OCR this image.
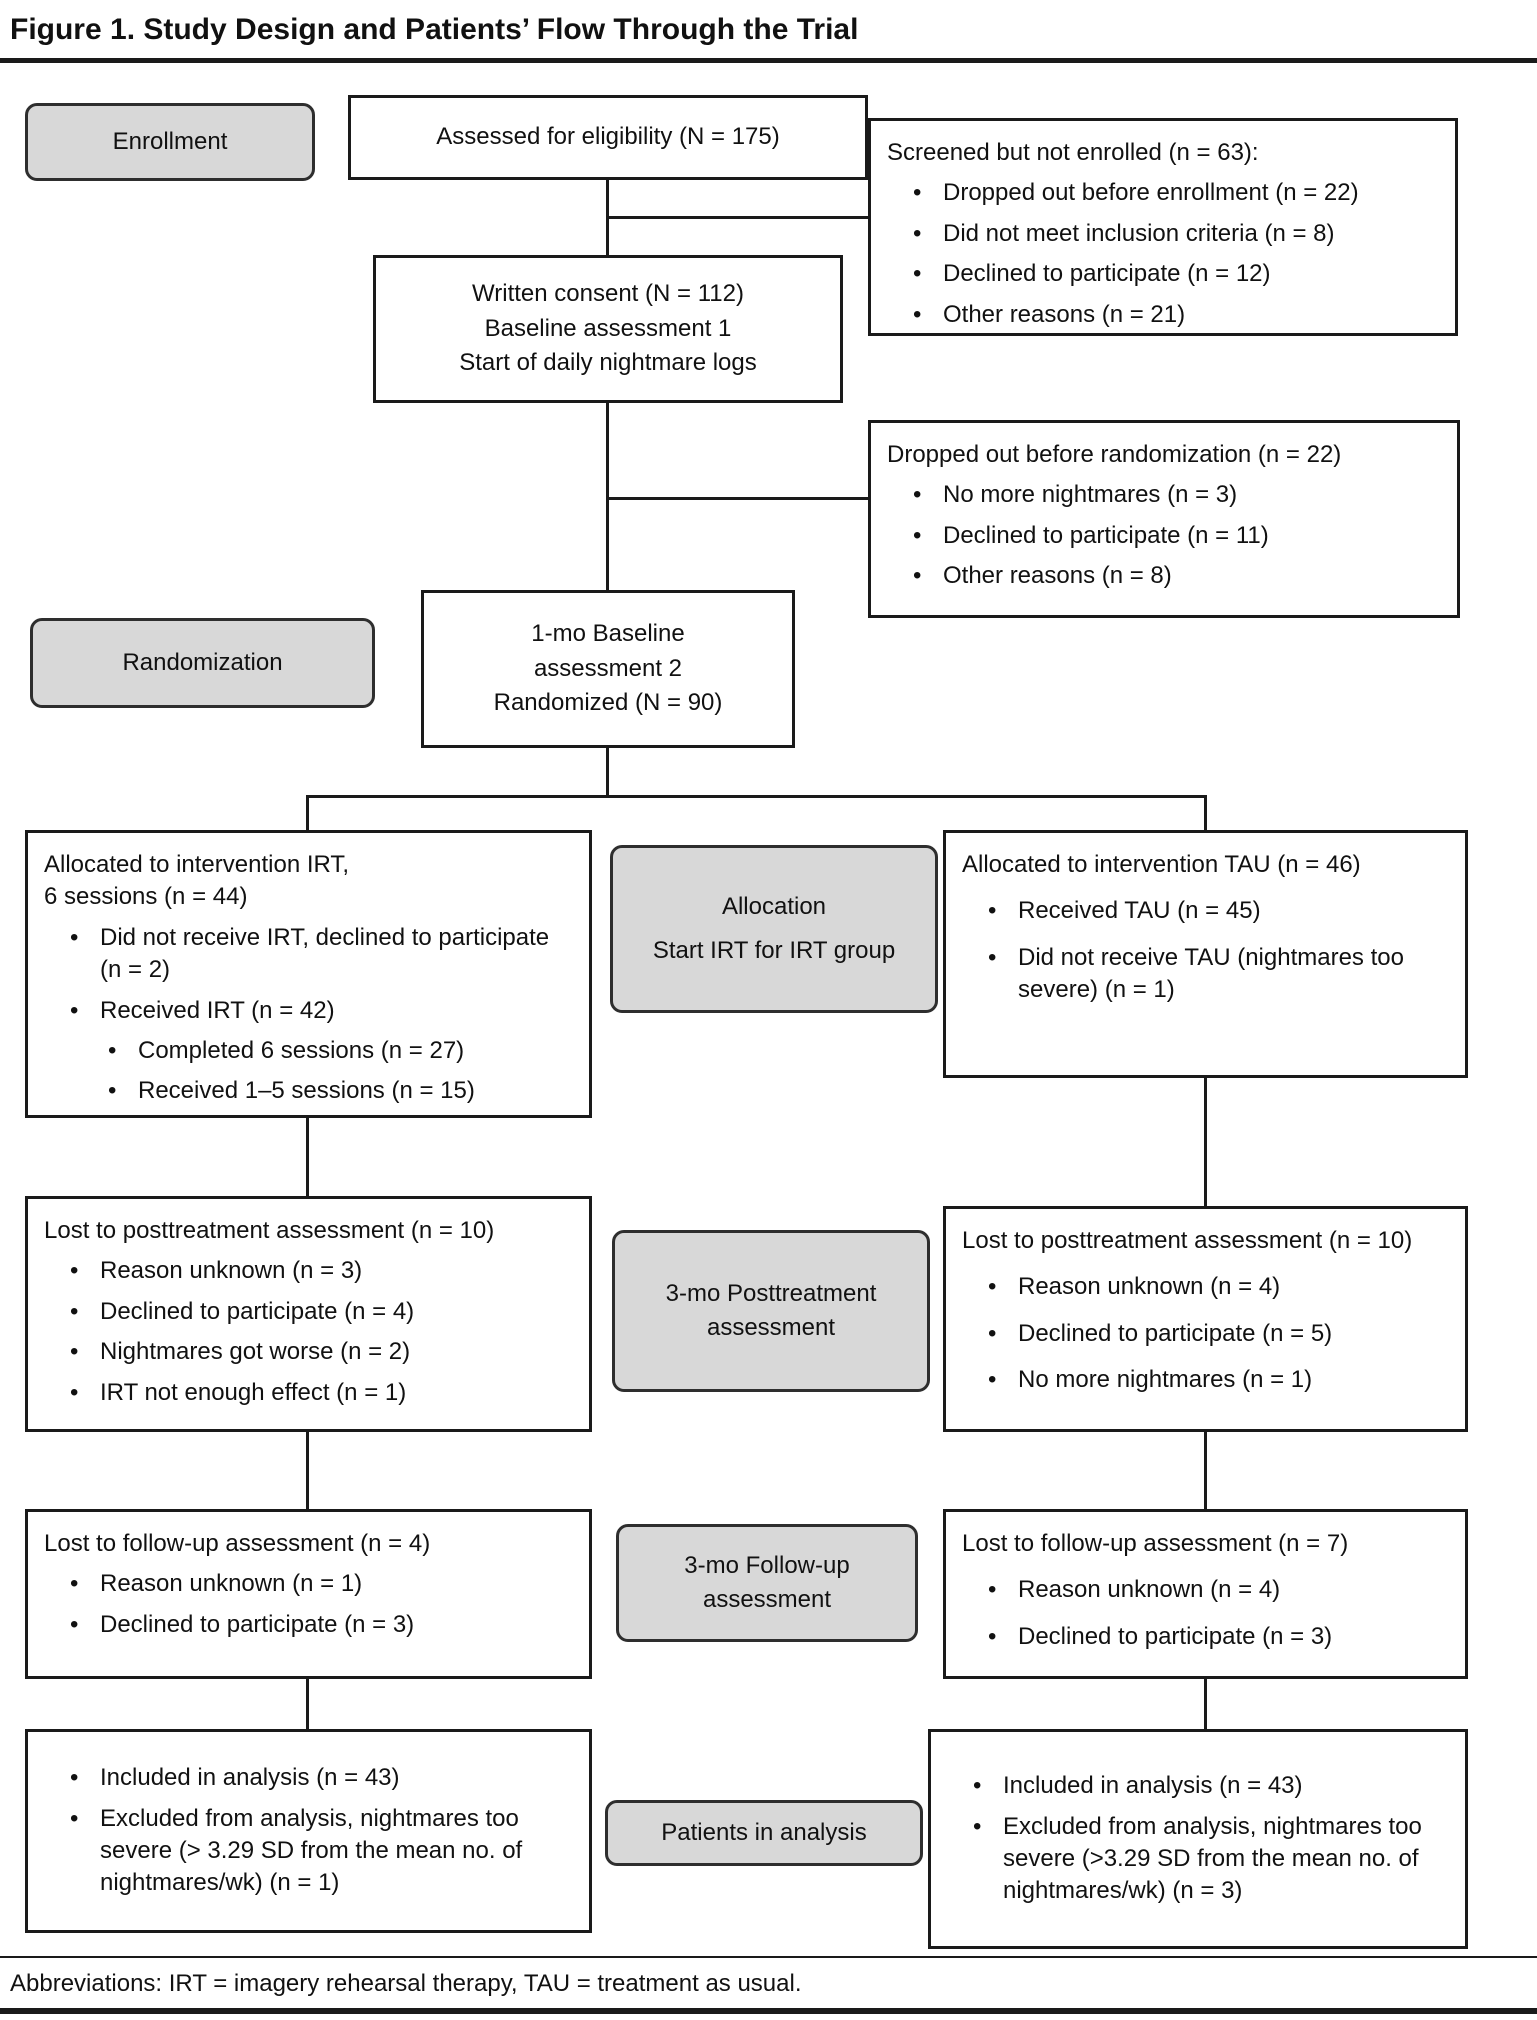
Figure 1. Study Design and Patients’ Flow Through the Trial
Enrollment	Assessed for eligibility (N = 175)
Screened but not enrolled (n = 63):
• Dropped out before enrollment (n = 22)
• Did not meet inclusion criteria (n = 8)
• Declined to participate (n = 12)
• Other reasons (n = 21)
Written consent (N = 112)
Baseline assessment 1
Start of daily nightmare logs
Dropped out before randomization (n = 22)
• No more nightmares (n = 3)
• Declined to participate (n = 11)
• Other reasons (n = 8)
Randomization
1-mo Baseline
assessment 2
Randomized (N = 90)
Allocated to intervention IRT,
6 sessions (n = 44)
• Did not receive IRT, declined to participate (n = 2)
• Received IRT (n = 42)
• Completed 6 sessions (n = 27)
• Received 1–5 sessions (n = 15)
Allocation
Start IRT for IRT group
Allocated to intervention TAU (n = 46)
• Received TAU (n = 45)
• Did not receive TAU (nightmares too severe) (n = 1)
Lost to posttreatment assessment (n = 10)
• Reason unknown (n = 3)
• Declined to participate (n = 4)
• Nightmares got worse (n = 2)
• IRT not enough effect (n = 1)
3-mo Posttreatment assessment
Lost to posttreatment assessment (n = 10)
• Reason unknown (n = 4)
• Declined to participate (n = 5)
• No more nightmares (n = 1)
Lost to follow-up assessment (n = 4)
• Reason unknown (n = 1)
• Declined to participate (n = 3)
3-mo Follow-up assessment
Lost to follow-up assessment (n = 7)
• Reason unknown (n = 4)
• Declined to participate (n = 3)
• Included in analysis (n = 43)
• Excluded from analysis, nightmares too severe (> 3.29 SD from the mean no. of nightmares/wk) (n = 1)
Patients in analysis
• Included in analysis (n = 43)
• Excluded from analysis, nightmares too severe (>3.29 SD from the mean no. of nightmares/wk) (n = 3)
Abbreviations: IRT = imagery rehearsal therapy, TAU = treatment as usual.
